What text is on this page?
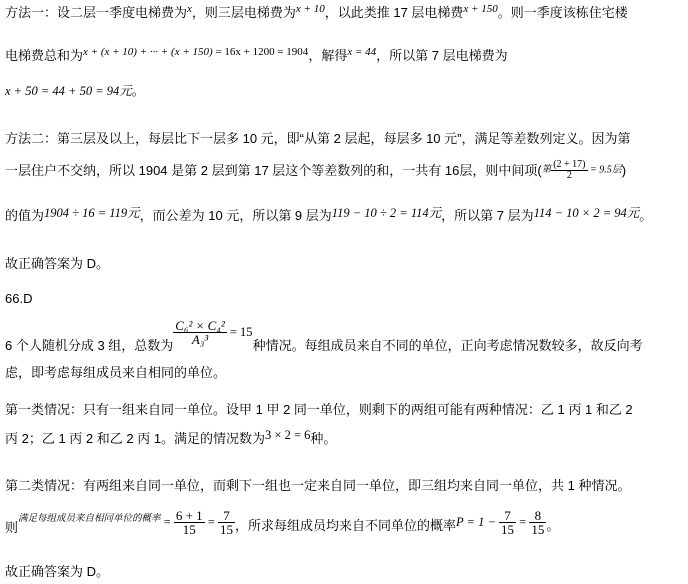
方法一：设二层一季度电梯费为$^x$，则三层电梯费为$^{x + 10}$，以此类推 17 层电梯费$^{x + 150}$。则一季度该栋住宅楼
电梯费总和为$^{x + (x + 10) + \cdot\cdot\cdot + (x + 150)}$ $^{= 16x + 1200 = 1904}$，解得$^{x = 44}$，所以第 7 层电梯费为
x + 50 = 44 + 50 = 94元。
方法二：第三层及以上，每层比下一层多 10 元，即“从第 2 层起，每层多 10 元”，满足等差数列定义。因为第
一层住户不交纳，所以 1904 是第 2 层到第 17 层这个等差数列的和，一共有 16层，则中间项(第 $\frac{(2 + 17)}{2} = 9.5$层)
的值为1904 ÷ 16 = 119元，而公差为 10 元，所以第 9 层为119 − 10 ÷ 2 = 114元，所以第 7 层为114 − 10 × 2 = 94元。
故正确答案为 D。
66.D
6 个人随机分成 3 组，总数为 $\frac{\text{C₆² × C₄²}}{\text{A₃³}} = 15$种情况。每组成员来自不同的单位，正向考虑情况数较多，故反向考
虑，即考虑每组成员来自相同的单位。
第一类情况：只有一组来自同一单位。设甲 1 甲 2 同一单位，则剩下的两组可能有两种情况：乙 1 丙 1 和乙 2
丙 2；乙 1 丙 2 和乙 2 丙 1。满足的情况数为3 × 2 = 6种。
第二类情况：有两组来自同一单位，而剩下一组也一定来自同一单位，即三组均来自同一单位，共 1 种情况。
则$^{满足每组成员来自相同单位的概率} = \frac{6 + 1}{15} = \frac{7}{15}$ ，所求每组成员均来自不同单位的概率$P = 1 - \frac{7}{15} = \frac{8}{15}$ 。
故正确答案为 D。
